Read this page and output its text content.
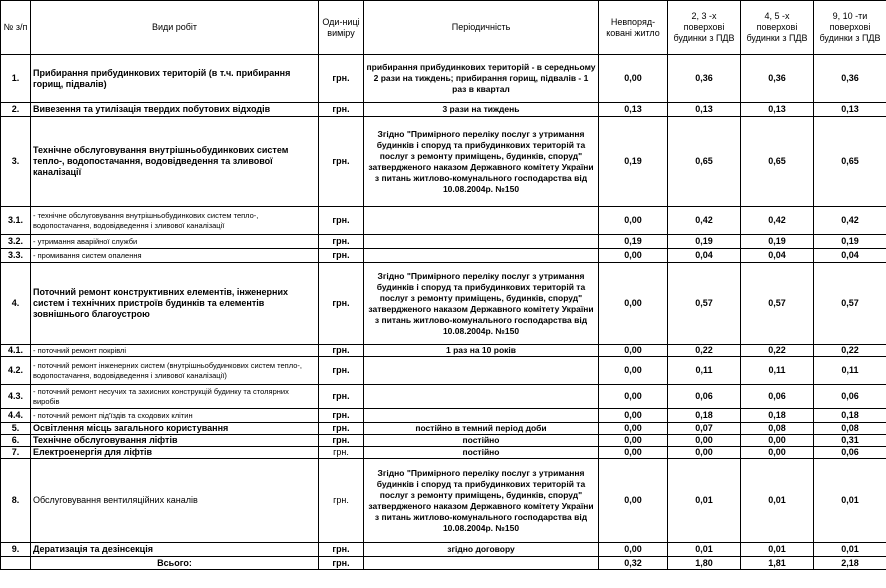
№ з/п	Види робіт	Оди-ниці виміру	Періодичність	Невпоряд-ковані житло	2, 3 -х поверхові будинки з ПДВ	4, 5 -х поверхові будинки з ПДВ	9, 10 -ти поверхові будинки з ПДВ
1.	Прибирання прибудинкових територій (в т.ч. прибирання горищ, підвалів)	грн.	прибирання прибудинкових територій - в середньому 2 рази на тиждень; прибирання горищ, підвалів - 1 раз в квартал	0,00	0,36	0,36	0,36
2.	Вивезення та утилізація твердих побутових відходів	грн.	3 рази на тиждень	0,13	0,13	0,13	0,13
3.	Технічне обслуговування внутрішньобудинкових систем тепло-, водопостачання, водовідведення та зливової каналізації	грн.	Згідно "Примірного переліку послуг з утримання будинків і споруд та прибудинкових територій та послуг з ремонту приміщень, будинків, споруд" затвердженого наказом Державного комітету України з питань житлово-комунального господарства від 10.08.2004р. №150	0,19	0,65	0,65	0,65
3.1.	- технічне обслуговування внутрішньобудинкових систем тепло-, водопостачання, водовідведення і зливової каналізації	грн.		0,00	0,42	0,42	0,42
3.2.	- утримання аварійної служби	грн.		0,19	0,19	0,19	0,19
3.3.	- промивання систем опалення	грн.		0,00	0,04	0,04	0,04
4.	Поточний ремонт конструктивних елементів, інженерних систем і технічних пристроїв будинків та елементів зовнішнього благоустрою	грн.	Згідно "Примірного переліку послуг з утримання будинків і споруд та прибудинкових територій та послуг з ремонту приміщень, будинків, споруд" затвердженого наказом Державного комітету України з питань житлово-комунального господарства від 10.08.2004р. №150	0,00	0,57	0,57	0,57
4.1.	- поточний ремонт покрівлі	грн.	1 раз на 10 років	0,00	0,22	0,22	0,22
4.2.	- поточний ремонт інженерних систем (внутрішньобудинкових систем тепло-, водопостачання, водовідведення і зливової каналізації)	грн.		0,00	0,11	0,11	0,11
4.3.	- поточний ремонт несучих та захисних конструкцій будинку та столярних виробів	грн.		0,00	0,06	0,06	0,06
4.4.	- поточний ремонт під'їздів та сходових клітин	грн.		0,00	0,18	0,18	0,18
5.	Освітлення місць загального користування	грн.	постійно в темний період доби	0,00	0,07	0,08	0,08
6.	Технічне обслуговування ліфтів	грн.	постійно	0,00	0,00	0,00	0,31
7.	Електроенергія для ліфтів	грн.	постійно	0,00	0,00	0,00	0,06
8.	Обслуговування вентиляційних каналів	грн.	Згідно "Примірного переліку послуг з утримання будинків і споруд та прибудинкових територій та послуг з ремонту приміщень, будинків, споруд" затвердженого наказом Державного комітету України з питань житлово-комунального господарства від 10.08.2004р. №150	0,00	0,01	0,01	0,01
9.	Дератизація та дезінсекція	грн.	згідно договору	0,00	0,01	0,01	0,01
	Всього:	грн.		0,32	1,80	1,81	2,18
